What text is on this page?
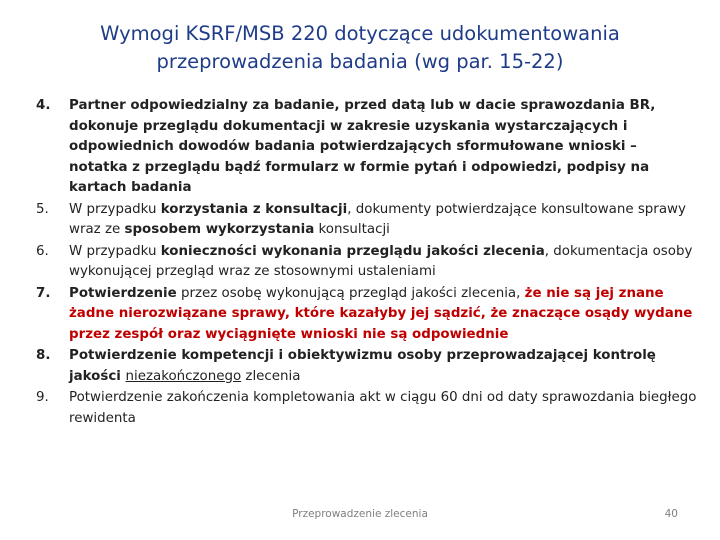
Wymogi KSRF/MSB 220 dotyczące udokumentowania
przeprowadzenia badania (wg par. 15-22)
4. Partner odpowiedzialny za badanie, przed datą lub w dacie sprawozdania BR, dokonuje przeglądu dokumentacji w zakresie uzyskania wystarczających i odpowiednich dowodów badania potwierdzających sformułowane wnioski – notatka z przeglądu bądź formularz w formie pytań i odpowiedzi, podpisy na kartach badania
5. W przypadku korzystania z konsultacji, dokumenty potwierdzające konsultowane sprawy wraz ze sposobem wykorzystania konsultacji
6. W przypadku konieczności wykonania przeglądu jakości zlecenia, dokumentacja osoby wykonującej przegląd wraz ze stosownymi ustaleniami
7. Potwierdzenie przez osobę wykonującą przegląd jakości zlecenia, że nie są jej znane żadne nierozwiązane sprawy, które kazałyby jej sądzić, że znaczące osądy wydane przez zespół oraz wyciągnięte wnioski nie są odpowiednie
8. Potwierdzenie kompetencji i obiektywizmu osoby przeprowadzającej kontrolę jakości niezakończonego zlecenia
9. Potwierdzenie zakończenia kompletowania akt w ciągu 60 dni od daty sprawozdania biegłego rewidenta
Przeprowadzenie zlecenia	40
